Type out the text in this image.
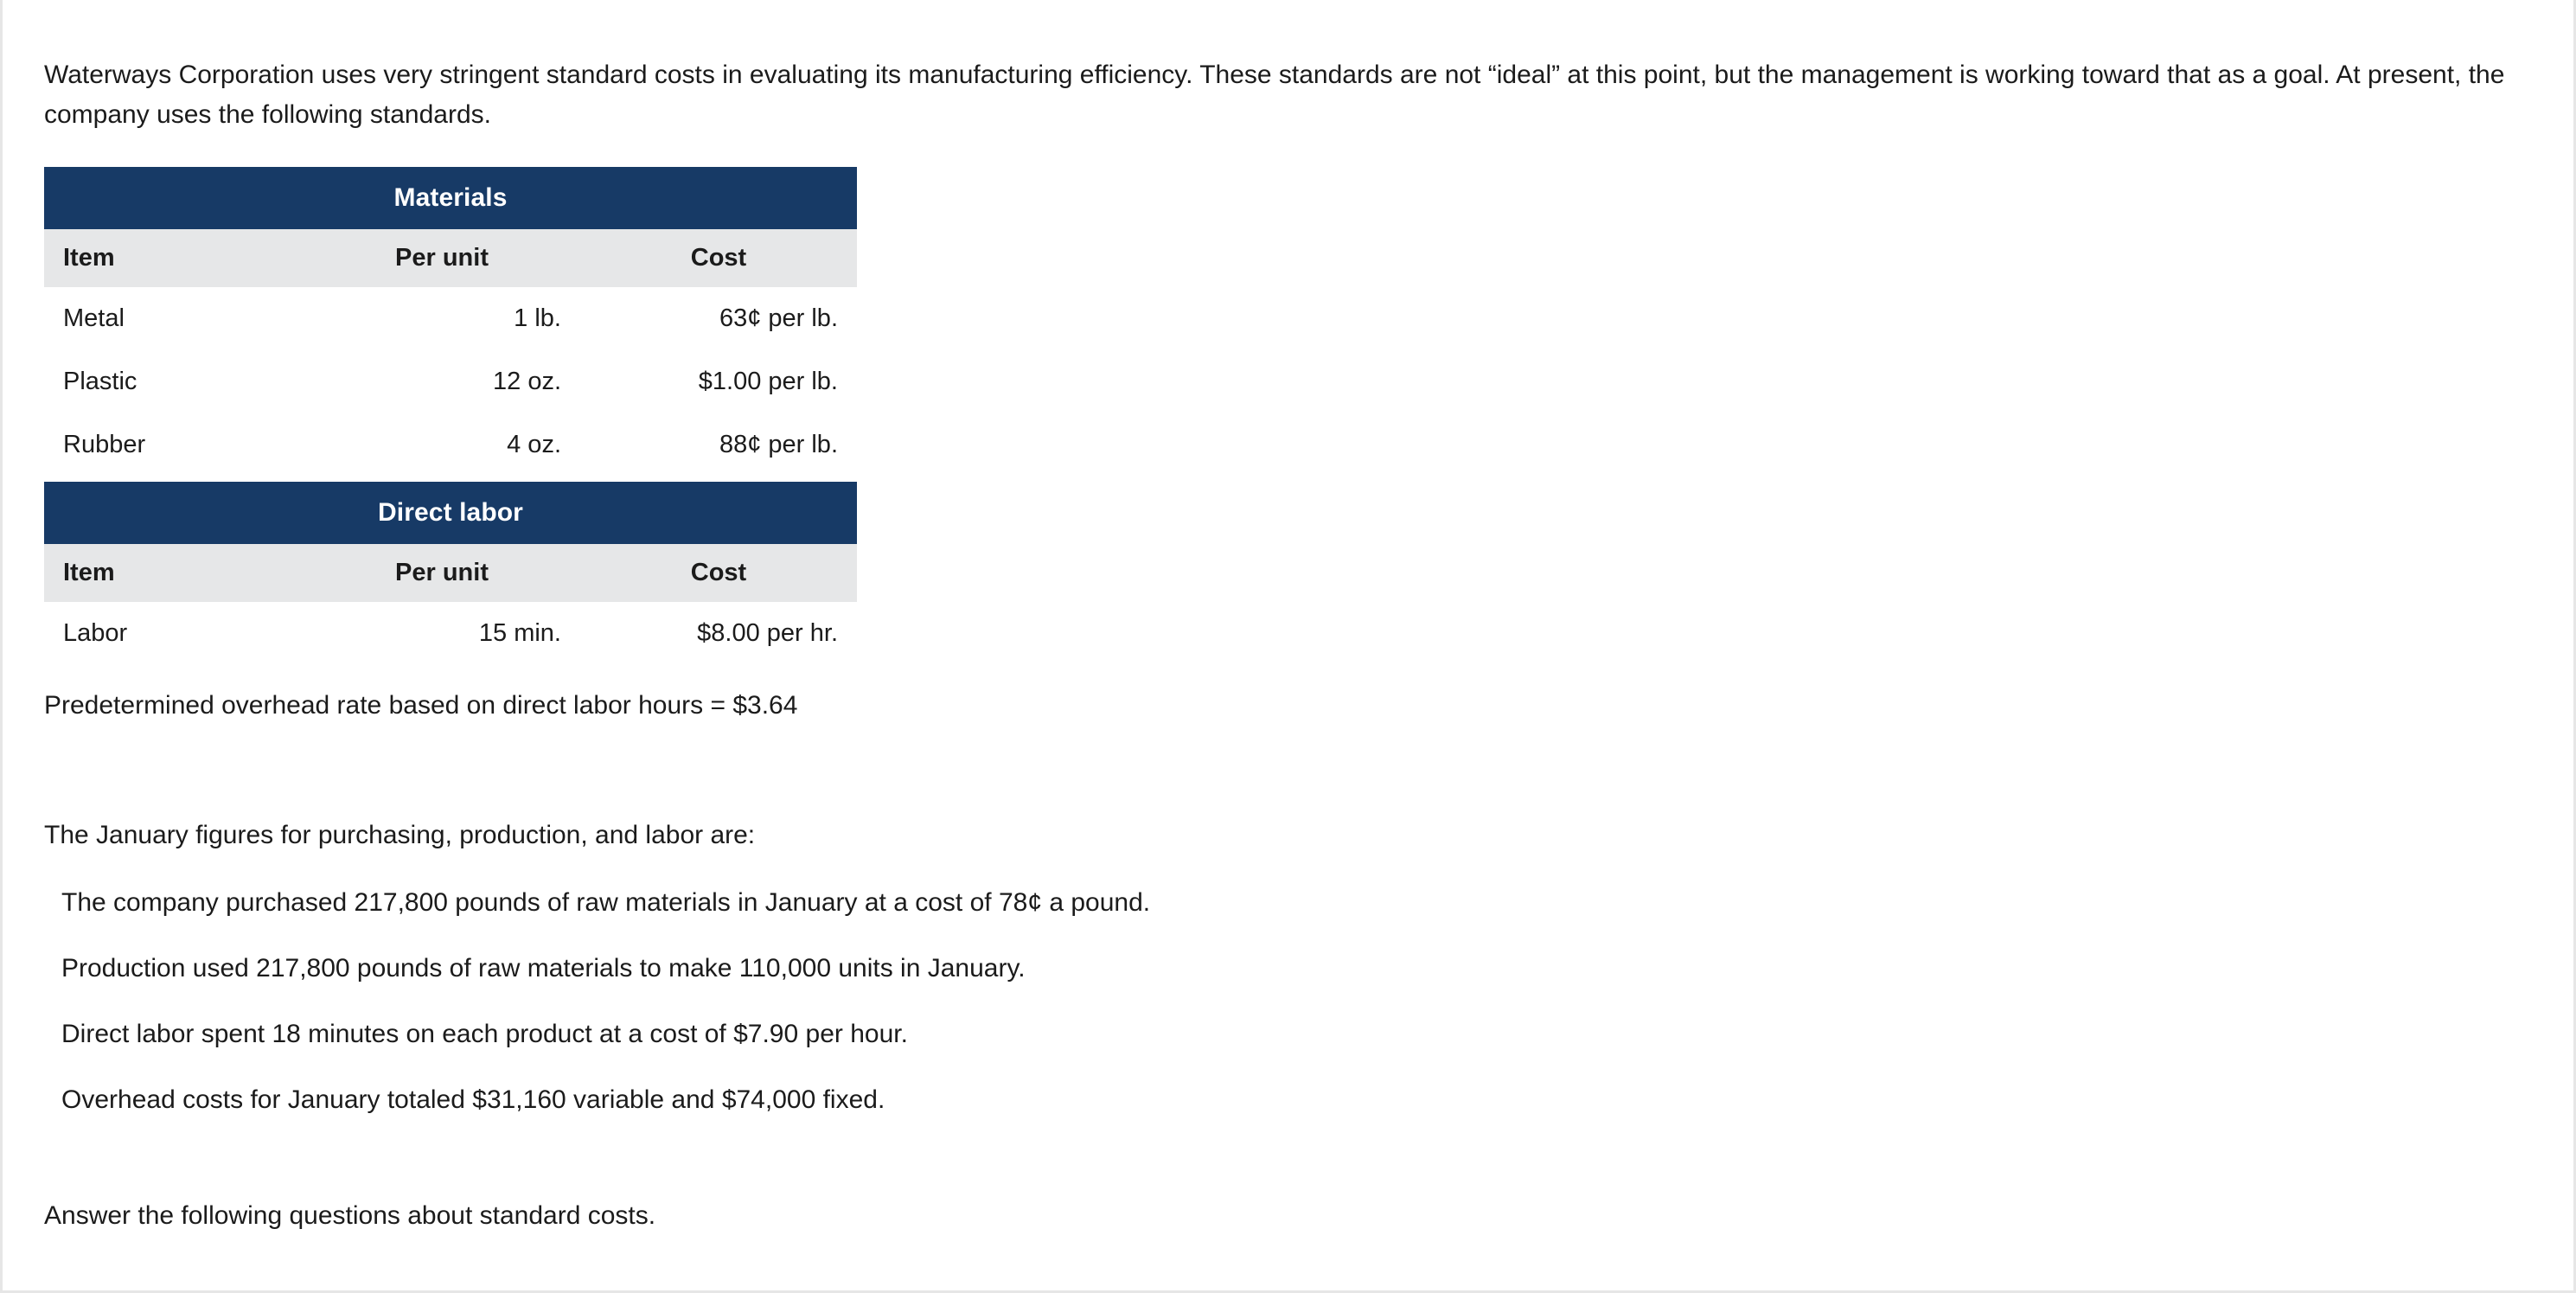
Waterways Corporation uses very stringent standard costs in evaluating its manufacturing efficiency. These standards are not “ideal” at this point, but the management is working toward that as a goal. At present, the company uses the following standards.

Materials		
Item	Per unit	Cost
Metal	1 lb.	63¢ per lb.
Plastic	12 oz.	$1.00 per lb.
Rubber	4 oz.	88¢ per lb.

Direct labor		
Item	Per unit	Cost
Labor	15 min.	$8.00 per hr.

Predetermined overhead rate based on direct labor hours = $3.64

The January figures for purchasing, production, and labor are:

The company purchased 217,800 pounds of raw materials in January at a cost of 78¢ a pound.
Production used 217,800 pounds of raw materials to make 110,000 units in January.
Direct labor spent 18 minutes on each product at a cost of $7.90 per hour.
Overhead costs for January totaled $31,160 variable and $74,000 fixed.

Answer the following questions about standard costs.
